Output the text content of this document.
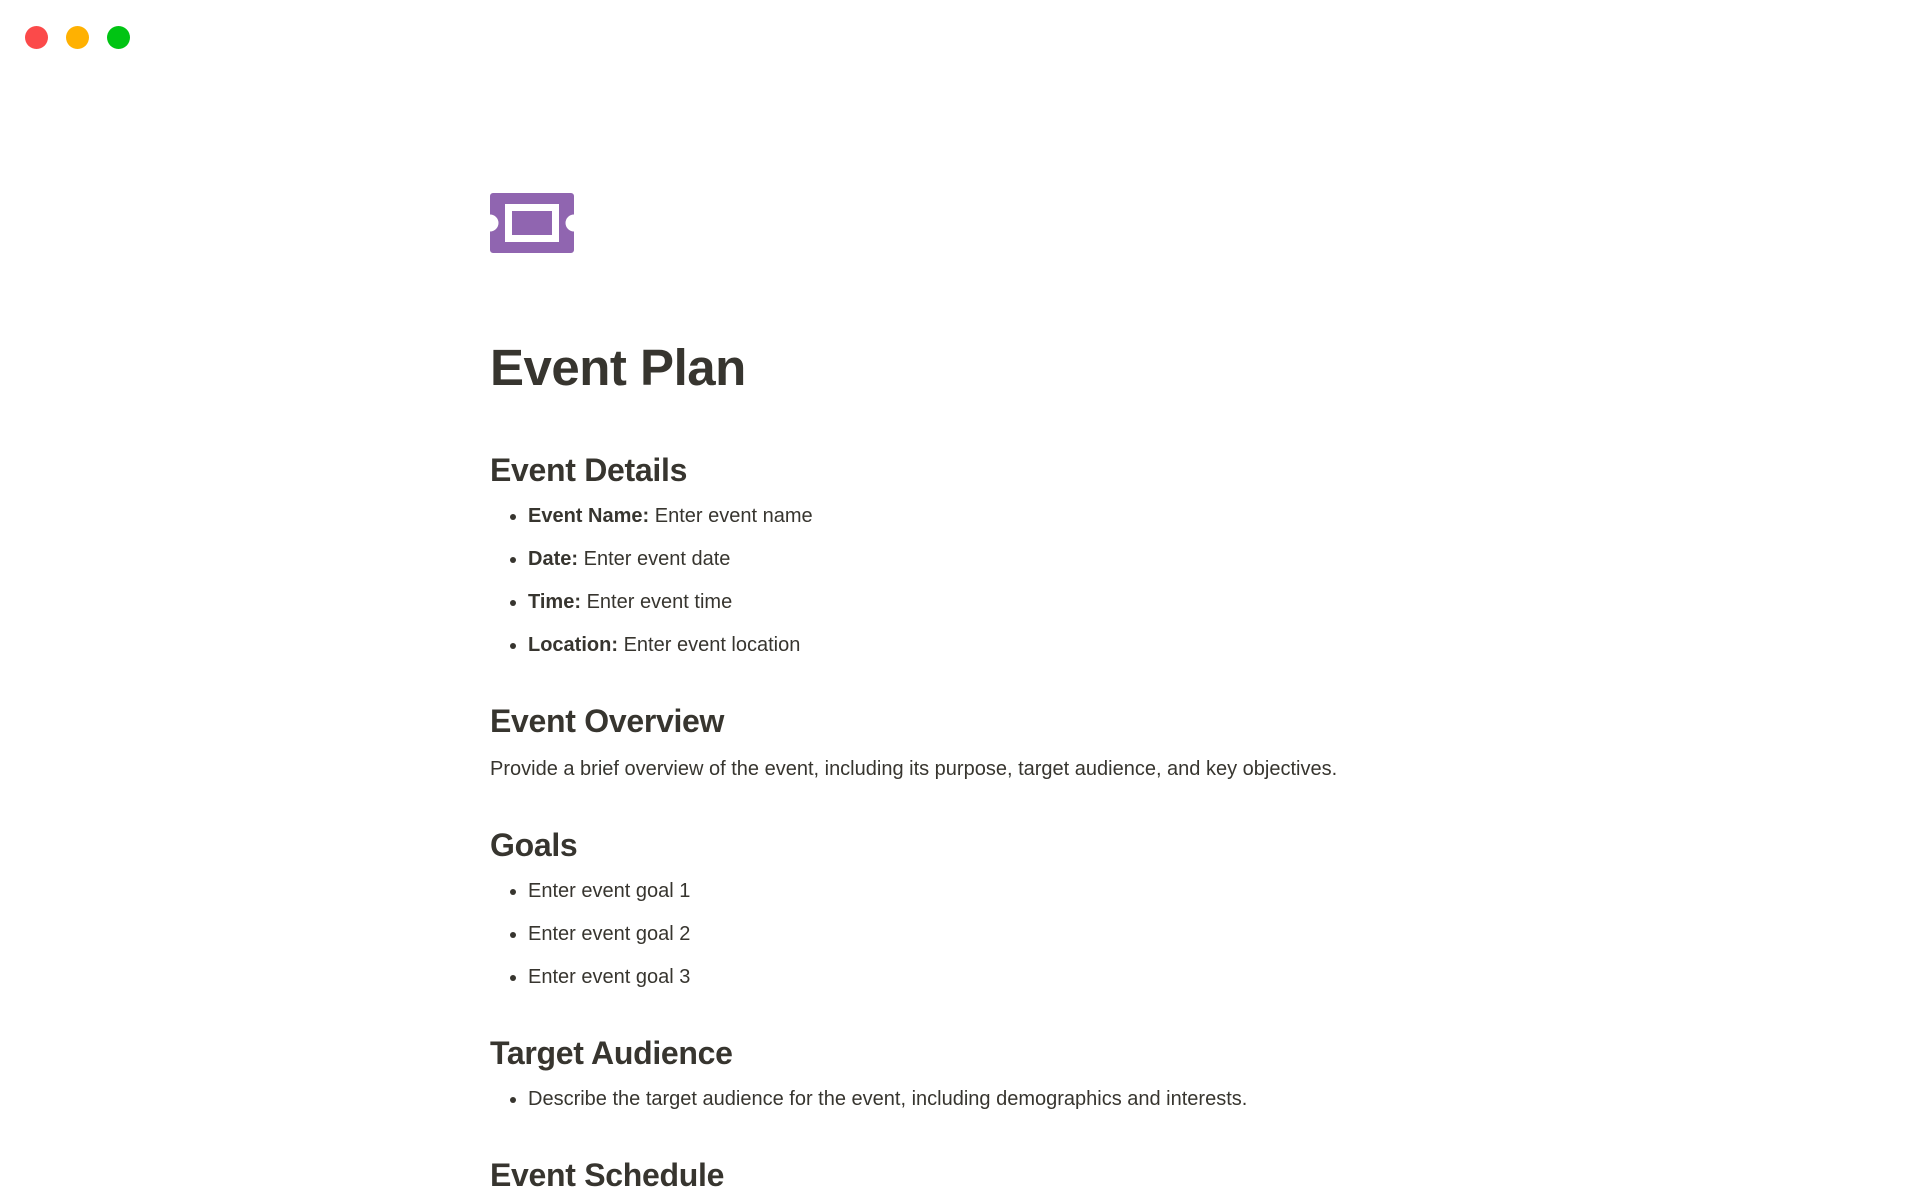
Event Plan
Event Details
• Event Name: Enter event name
• Date: Enter event date
• Time: Enter event time
• Location: Enter event location
Event Overview

Provide a brief overview of the event, including its purpose, target audience, and key objectives.

Goals
• Enter event goal 1
• Enter event goal 2
• Enter event goal 3
Target Audience
• Describe the target audience for the event, including demographics and interests.
Event Schedule
